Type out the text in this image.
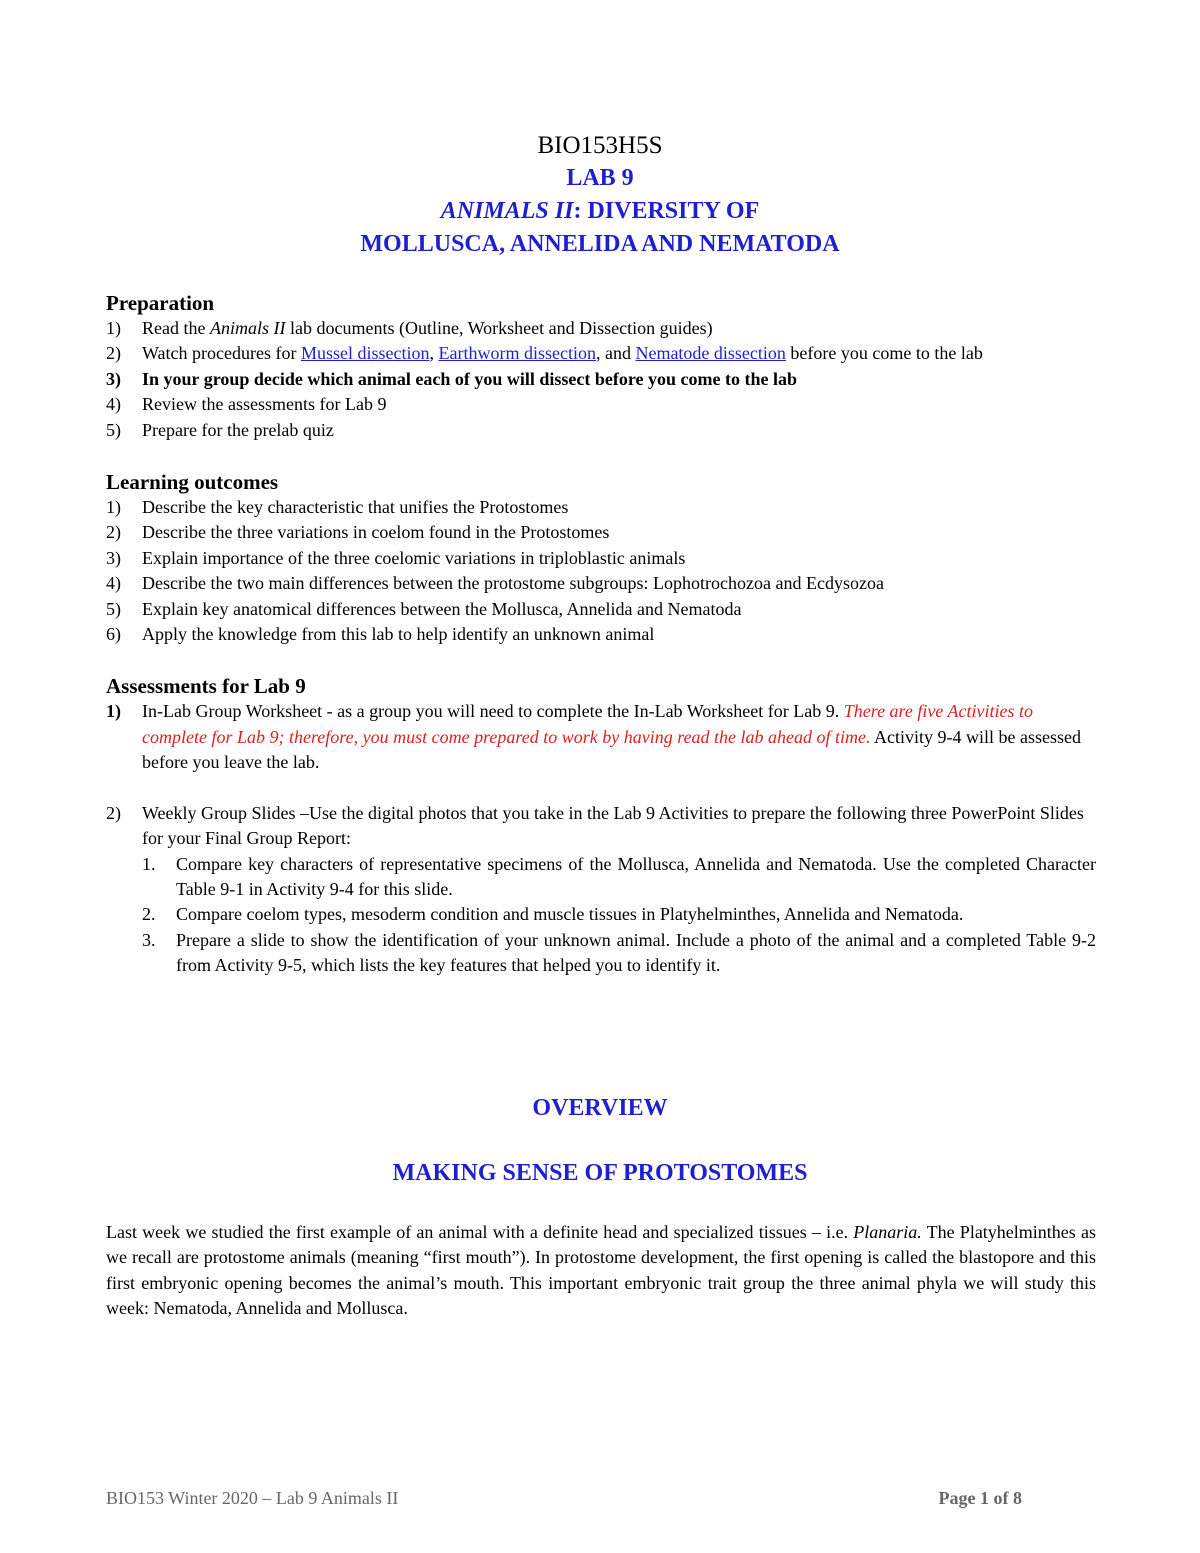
BIO153H5S

LAB 9

ANIMALS II: DIVERSITY OF

MOLLUSCA, ANNELIDA AND NEMATODA

Preparation
1) Read the Animals II lab documents (Outline, Worksheet and Dissection guides)
2) Watch procedures for Mussel dissection, Earthworm dissection, and Nematode dissection before you come to the lab
3) In your group decide which animal each of you will dissect before you come to the lab
4) Review the assessments for Lab 9
5) Prepare for the prelab quiz
Learning outcomes
1) Describe the key characteristic that unifies the Protostomes
2) Describe the three variations in coelom found in the Protostomes
3) Explain importance of the three coelomic variations in triploblastic animals
4) Describe the two main differences between the protostome subgroups: Lophotrochozoa and Ecdysozoa
5) Explain key anatomical differences between the Mollusca, Annelida and Nematoda
6) Apply the knowledge from this lab to help identify an unknown animal
Assessments for Lab 9
1) In-Lab Group Worksheet - as a group you will need to complete the In-Lab Worksheet for Lab 9. There are five Activities to complete for Lab 9; therefore, you must come prepared to work by having read the lab ahead of time. Activity 9-4 will be assessed before you leave the lab.
2) Weekly Group Slides –Use the digital photos that you take in the Lab 9 Activities to prepare the following three PowerPoint Slides for your Final Group Report:
1. Compare key characters of representative specimens of the Mollusca, Annelida and Nematoda. Use the completed Character Table 9-1 in Activity 9-4 for this slide.
2. Compare coelom types, mesoderm condition and muscle tissues in Platyhelminthes, Annelida and Nematoda.
3. Prepare a slide to show the identification of your unknown animal. Include a photo of the animal and a completed Table 9-2 from Activity 9-5, which lists the key features that helped you to identify it.
OVERVIEW
MAKING SENSE OF PROTOSTOMES
Last week we studied the first example of an animal with a definite head and specialized tissues – i.e. Planaria. The Platyhelminthes as we recall are protostome animals (meaning “first mouth”). In protostome development, the first opening is called the blastopore and this first embryonic opening becomes the animal’s mouth. This important embryonic trait group the three animal phyla we will study this week: Nematoda, Annelida and Mollusca.
BIO153 Winter 2020 – Lab 9 Animals II	Page 1 of 8
